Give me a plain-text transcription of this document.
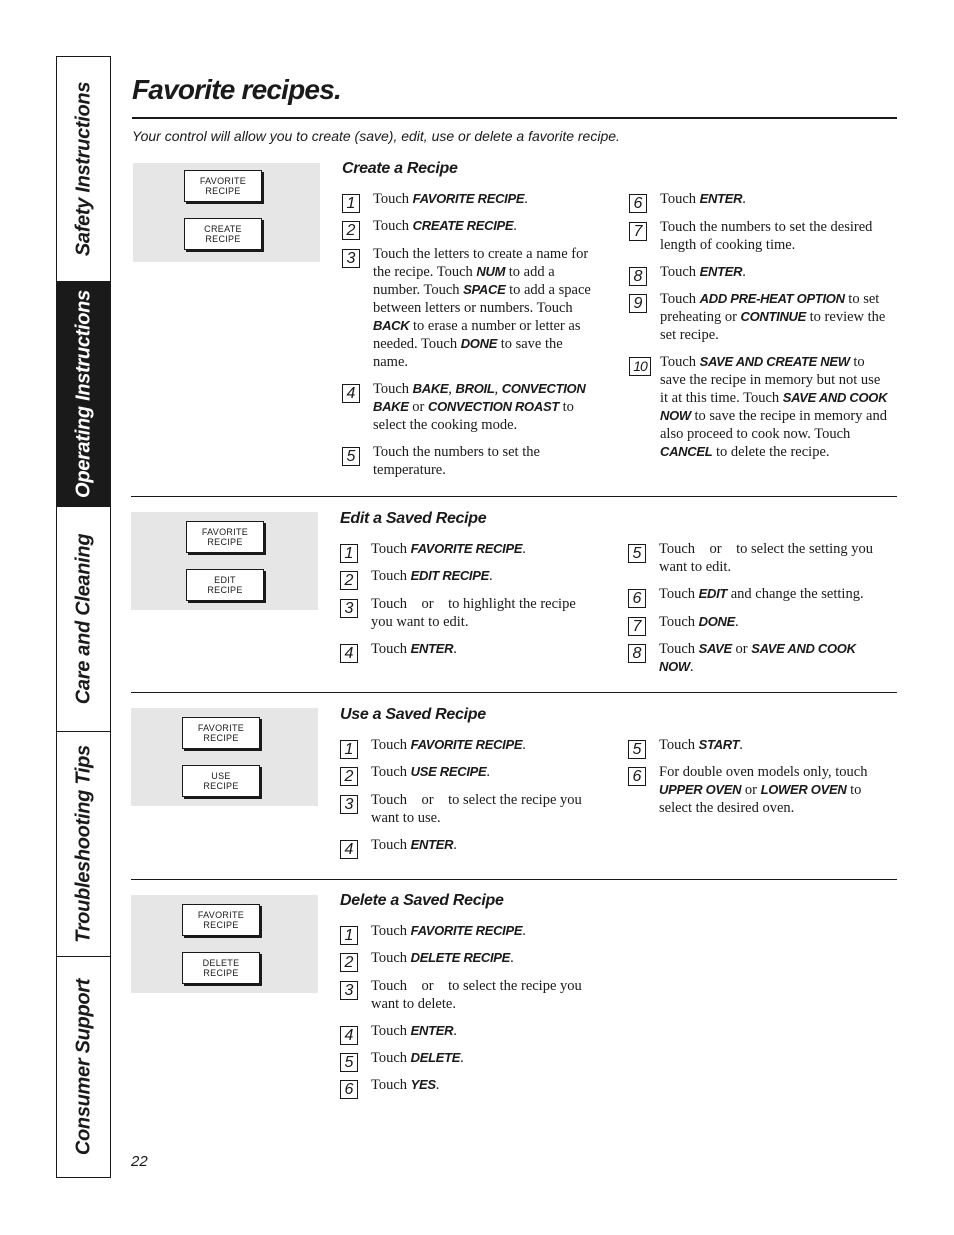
Safety Instructions
Operating Instructions
Care and Cleaning
Troubleshooting Tips
Consumer Support
Favorite recipes.
Your control will allow you to create (save), edit, use or delete a favorite recipe.
FAVORITE
RECIPE
CREATE
RECIPE
Create a Recipe
1	Touch FAVORITE RECIPE.
2	Touch CREATE RECIPE.
3	Touch the letters to create a name for the recipe. Touch NUM to add a number. Touch SPACE to add a space between letters or numbers. Touch BACK to erase a number or letter as needed. Touch DONE to save the name.
4	Touch BAKE, BROIL, CONVECTION BAKE or CONVECTION ROAST to select the cooking mode.
5	Touch the numbers to set the temperature.
6	Touch ENTER.
7	Touch the numbers to set the desired length of cooking time.
8	Touch ENTER.
9	Touch ADD PRE-HEAT OPTION to set preheating or CONTINUE to review the set recipe.
10 Touch SAVE AND CREATE NEW to save the recipe in memory but not use it at this time. Touch SAVE AND COOK NOW to save the recipe in memory and also proceed to cook now. Touch CANCEL to delete the recipe.
FAVORITE
RECIPE
EDIT
RECIPE
Edit a Saved Recipe
1	Touch FAVORITE RECIPE.
2	Touch EDIT RECIPE.
3	Touch    or    to highlight the recipe you want to edit.
4	Touch ENTER.
5	Touch    or    to select the setting you want to edit.
6	Touch EDIT and change the setting.
7	Touch DONE.
8	Touch SAVE or SAVE AND COOK NOW.
FAVORITE
RECIPE
USE
RECIPE
Use a Saved Recipe
1	Touch FAVORITE RECIPE.
2	Touch USE RECIPE.
3	Touch    or    to select the recipe you want to use.
4	Touch ENTER.
5	Touch START.
6	For double oven models only, touch UPPER OVEN or LOWER OVEN to select the desired oven.
FAVORITE
RECIPE
DELETE
RECIPE
Delete a Saved Recipe
1	Touch FAVORITE RECIPE.
2	Touch DELETE RECIPE.
3	Touch    or    to select the recipe you want to delete.
4	Touch ENTER.
5	Touch DELETE.
6	Touch YES.
22
